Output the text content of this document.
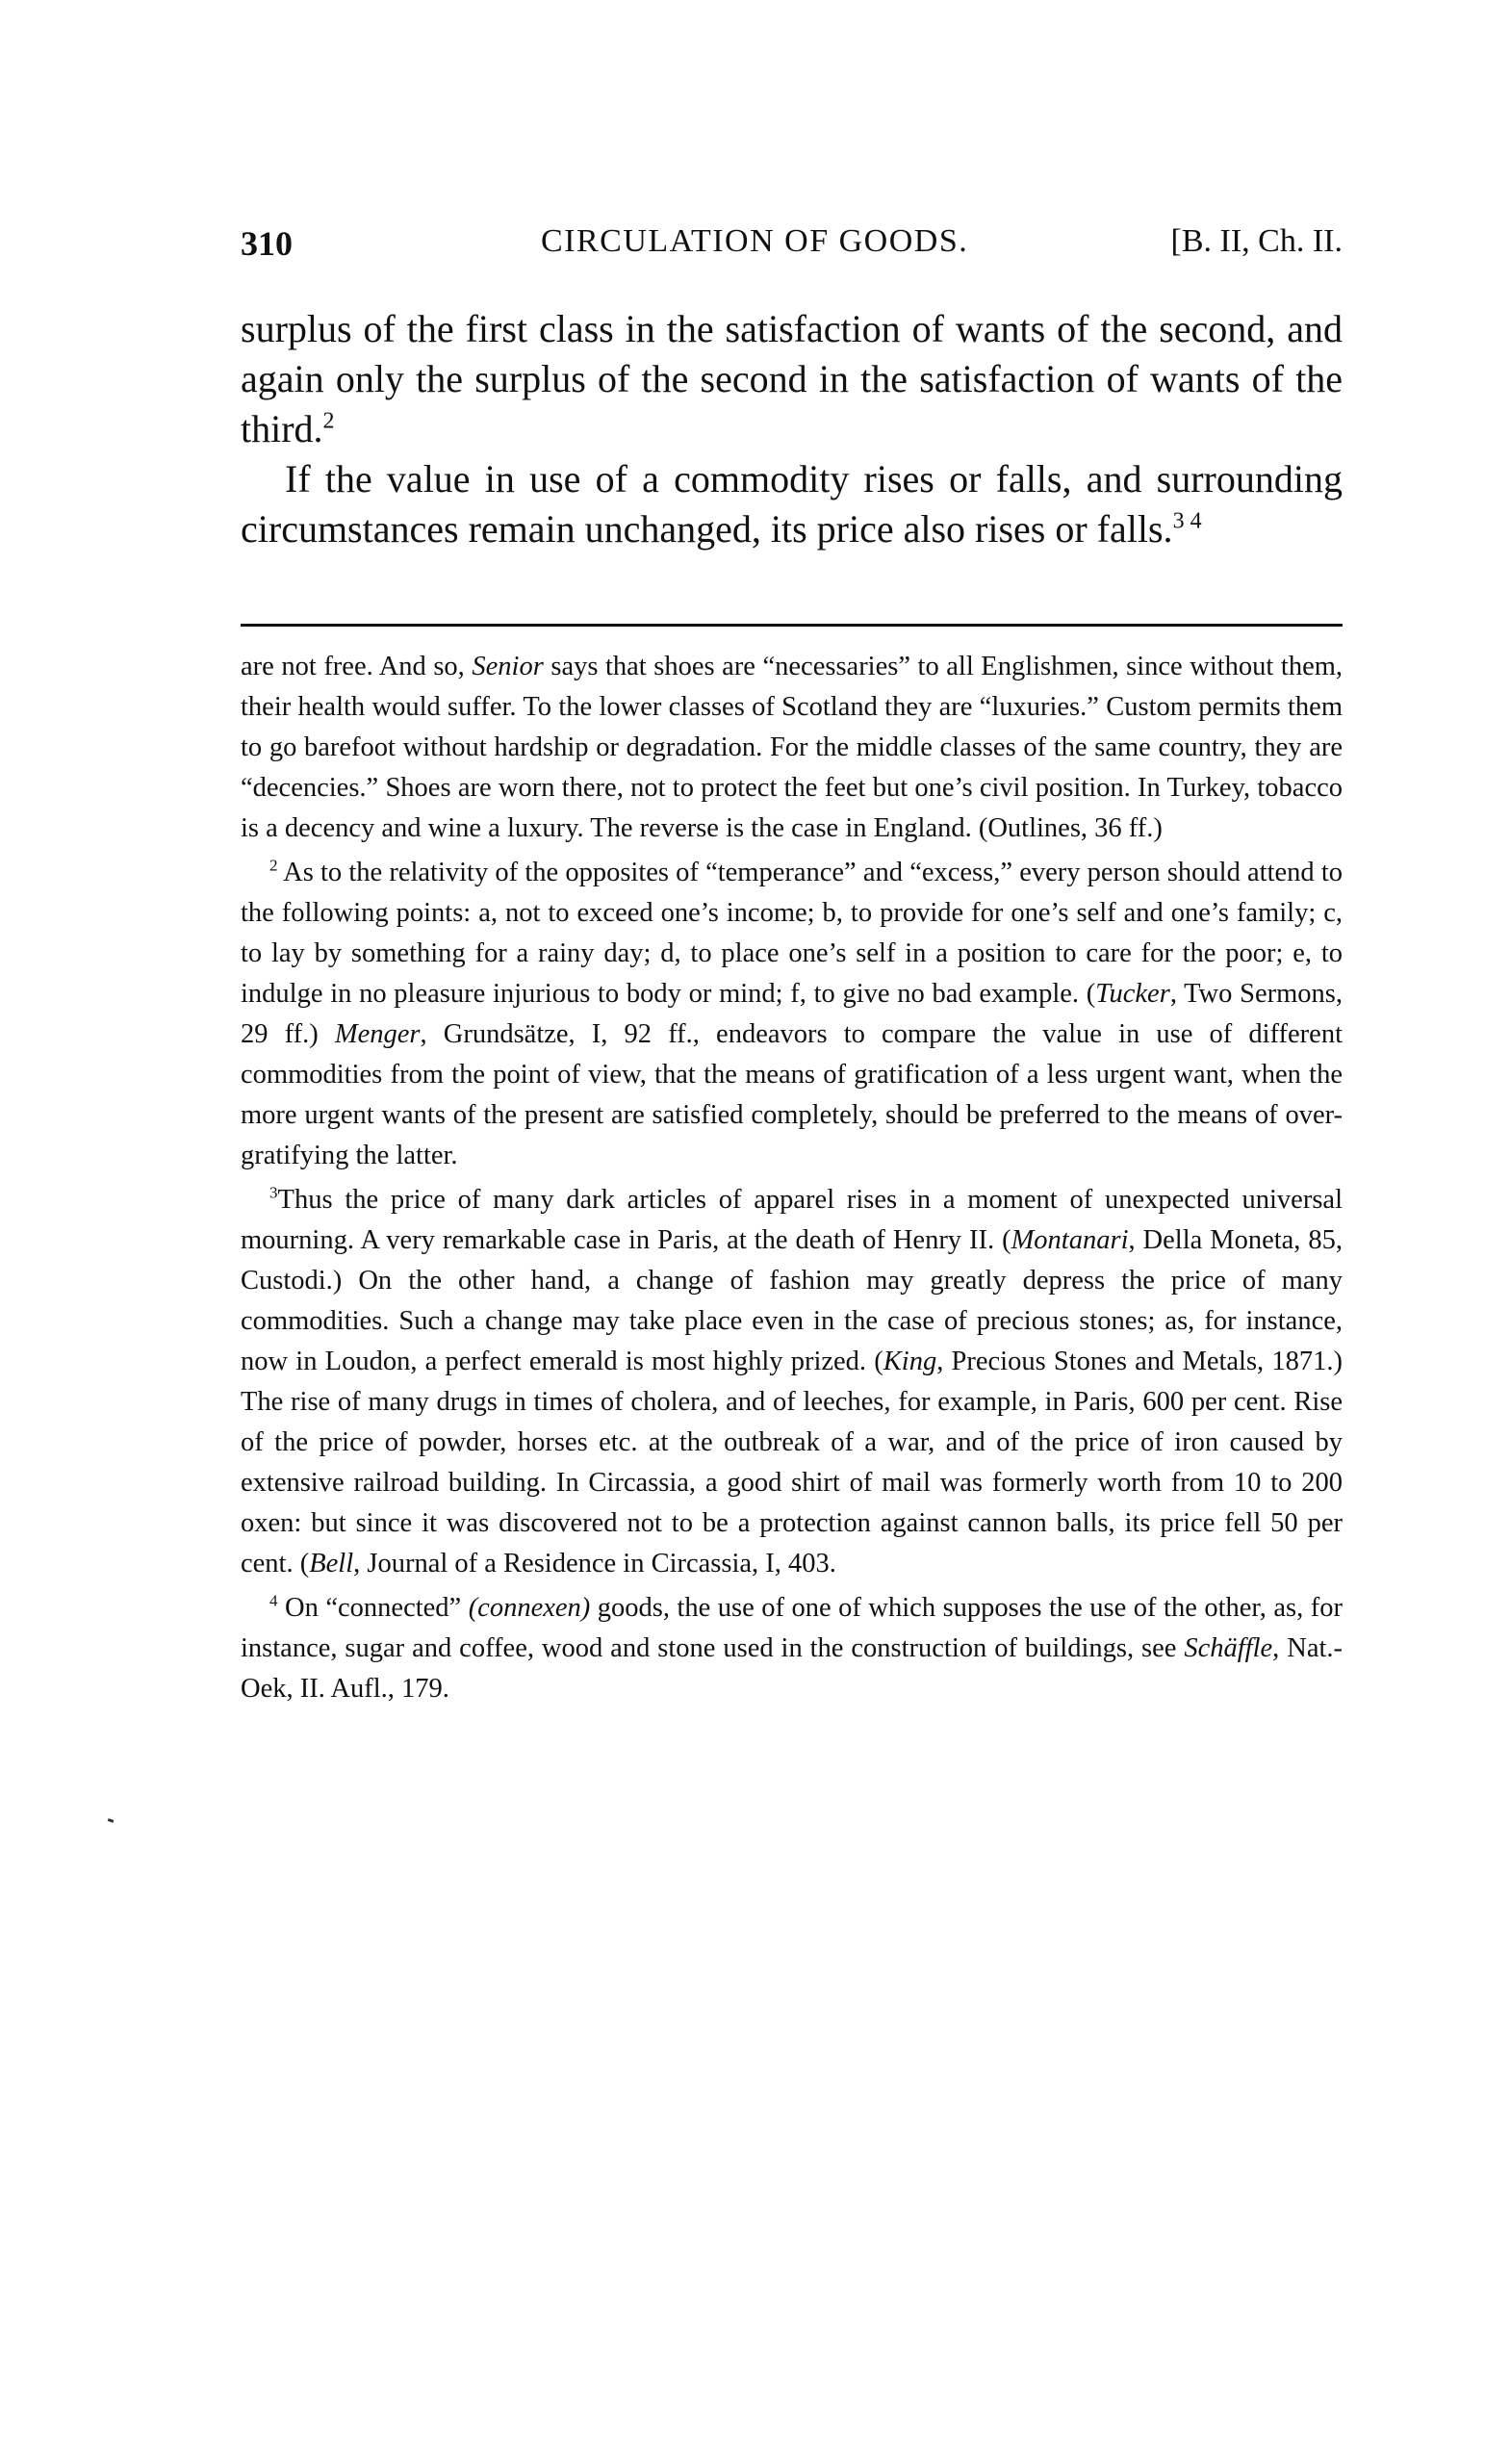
310	CIRCULATION OF GOODS.	[B. II, Ch. II.

surplus of the first class in the satisfaction of wants of the second, and again only the surplus of the second in the satisfaction of wants of the third.$^2$

If the value in use of a commodity rises or falls, and surrounding circumstances remain unchanged, its price also rises or falls.$^{3 4}$

are not free. And so, Senior says that shoes are “necessaries” to all Englishmen, since without them, their health would suffer. To the lower classes of Scotland they are “luxuries.” Custom permits them to go barefoot without hardship or degradation. For the middle classes of the same country, they are “decencies.” Shoes are worn there, not to protect the feet but one’s civil position. In Turkey, tobacco is a decency and wine a luxury. The reverse is the case in England. (Outlines, 36 ff.)

$^2$ As to the relativity of the opposites of “temperance” and “excess,” every person should attend to the following points: a, not to exceed one’s income; b, to provide for one’s self and one’s family; c, to lay by something for a rainy day; d, to place one’s self in a position to care for the poor; e, to indulge in no pleasure injurious to body or mind; f, to give no bad example. (Tucker, Two Sermons, 29 ff.) Menger, Grundsätze, I, 92 ff., endeavors to compare the value in use of different commodities from the point of view, that the means of gratification of a less urgent want, when the more urgent wants of the present are satisfied completely, should be preferred to the means of over-gratifying the latter.

$^3$Thus the price of many dark articles of apparel rises in a moment of unexpected universal mourning. A very remarkable case in Paris, at the death of Henry II. (Montanari, Della Moneta, 85, Custodi.) On the other hand, a change of fashion may greatly depress the price of many commodities. Such a change may take place even in the case of precious stones; as, for instance, now in Loudon, a perfect emerald is most highly prized. (King, Precious Stones and Metals, 1871.) The rise of many drugs in times of cholera, and of leeches, for example, in Paris, 600 per cent. Rise of the price of powder, horses etc. at the outbreak of a war, and of the price of iron caused by extensive railroad building. In Circassia, a good shirt of mail was formerly worth from 10 to 200 oxen: but since it was discovered not to be a protection against cannon balls, its price fell 50 per cent. (Bell, Journal of a Residence in Circassia, I, 403.

$^4$ On “connected” (connexen) goods, the use of one of which supposes the use of the other, as, for instance, sugar and coffee, wood and stone used in the construction of buildings, see Schäffle, Nat.-Oek, II. Aufl., 179.
